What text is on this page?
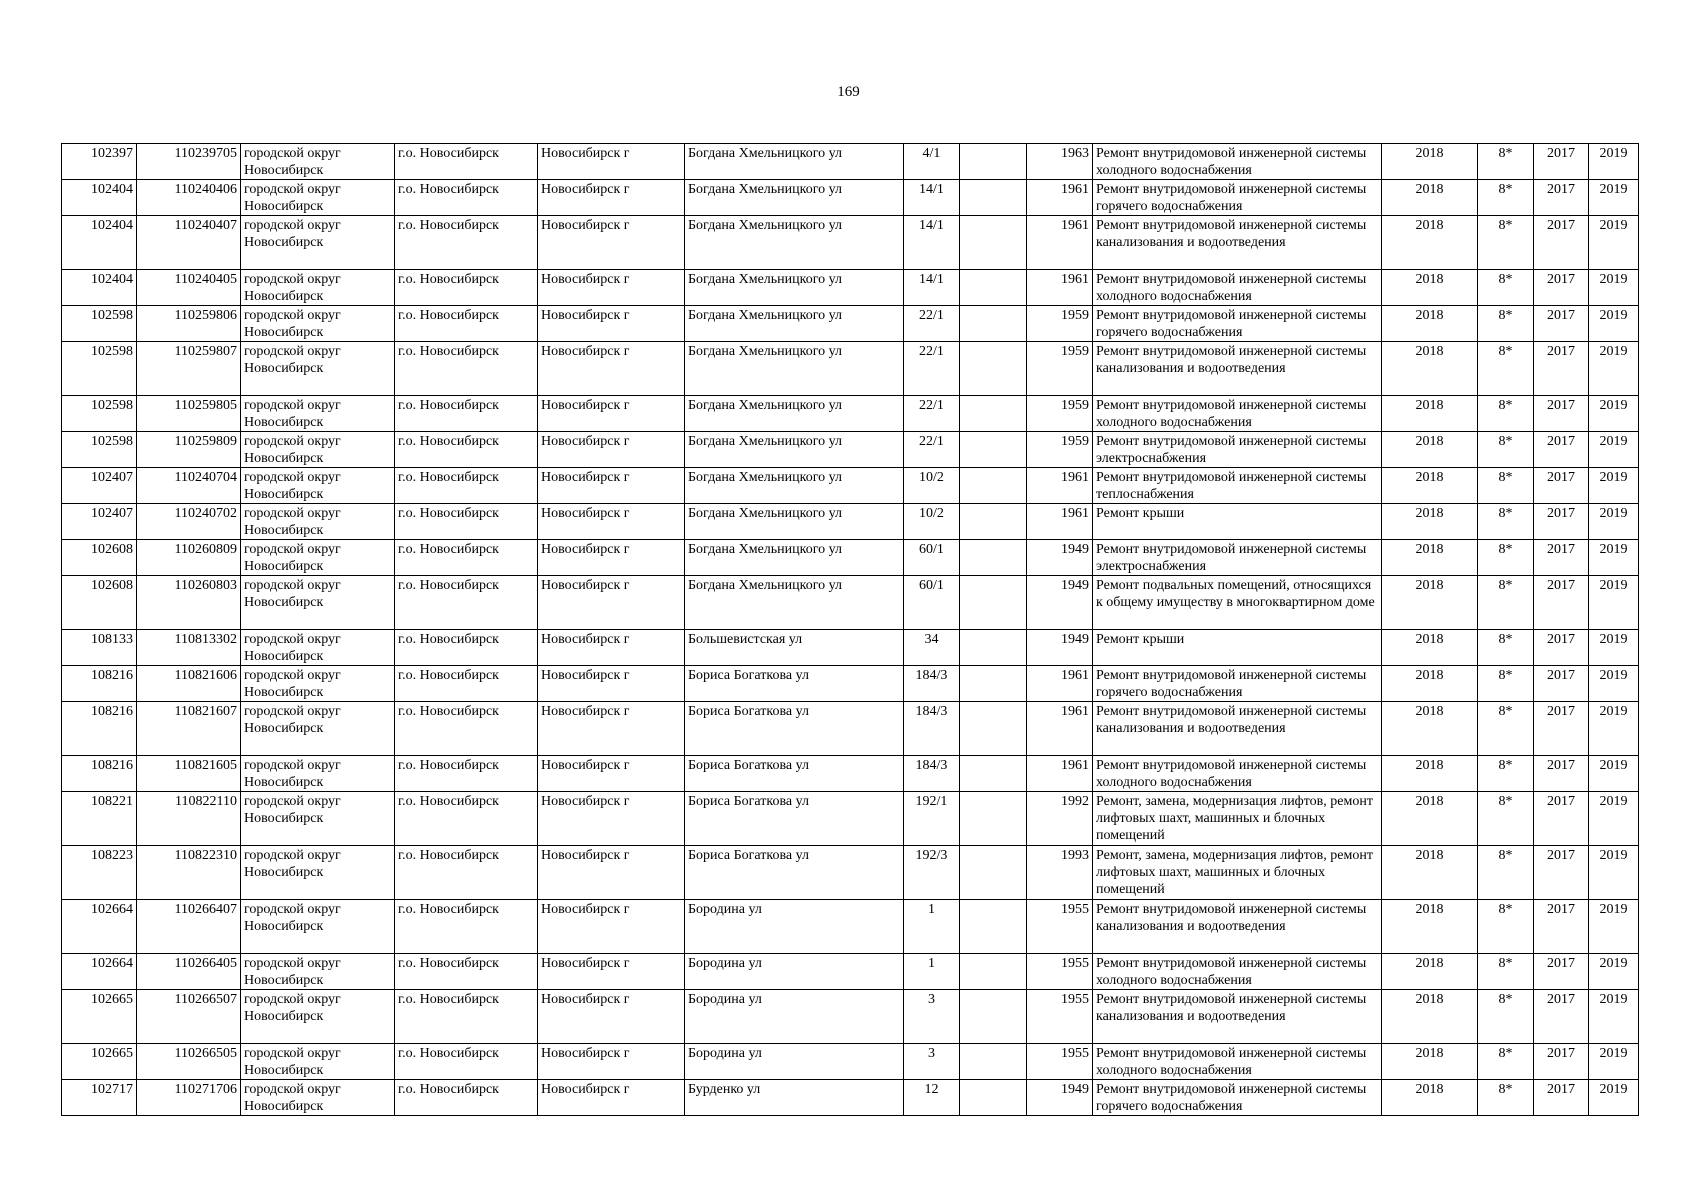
169
102397	110239705	городской округ Новосибирск	г.о. Новосибирск	Новосибирск г	Богдана Хмельницкого ул	4/1		1963	Ремонт внутридомовой инженерной системы холодного водоснабжения	2018	8*	2017	2019
102404	110240406	городской округ Новосибирск	г.о. Новосибирск	Новосибирск г	Богдана Хмельницкого ул	14/1		1961	Ремонт внутридомовой инженерной системы горячего водоснабжения	2018	8*	2017	2019
102404	110240407	городской округ Новосибирск	г.о. Новосибирск	Новосибирск г	Богдана Хмельницкого ул	14/1		1961	Ремонт внутридомовой инженерной системы канализования и водоотведения	2018	8*	2017	2019
102404	110240405	городской округ Новосибирск	г.о. Новосибирск	Новосибирск г	Богдана Хмельницкого ул	14/1		1961	Ремонт внутридомовой инженерной системы холодного водоснабжения	2018	8*	2017	2019
102598	110259806	городской округ Новосибирск	г.о. Новосибирск	Новосибирск г	Богдана Хмельницкого ул	22/1		1959	Ремонт внутридомовой инженерной системы горячего водоснабжения	2018	8*	2017	2019
102598	110259807	городской округ Новосибирск	г.о. Новосибирск	Новосибирск г	Богдана Хмельницкого ул	22/1		1959	Ремонт внутридомовой инженерной системы канализования и водоотведения	2018	8*	2017	2019
102598	110259805	городской округ Новосибирск	г.о. Новосибирск	Новосибирск г	Богдана Хмельницкого ул	22/1		1959	Ремонт внутридомовой инженерной системы холодного водоснабжения	2018	8*	2017	2019
102598	110259809	городской округ Новосибирск	г.о. Новосибирск	Новосибирск г	Богдана Хмельницкого ул	22/1		1959	Ремонт внутридомовой инженерной системы электроснабжения	2018	8*	2017	2019
102407	110240704	городской округ Новосибирск	г.о. Новосибирск	Новосибирск г	Богдана Хмельницкого ул	10/2		1961	Ремонт внутридомовой инженерной системы теплоснабжения	2018	8*	2017	2019
102407	110240702	городской округ Новосибирск	г.о. Новосибирск	Новосибирск г	Богдана Хмельницкого ул	10/2		1961	Ремонт крыши	2018	8*	2017	2019
102608	110260809	городской округ Новосибирск	г.о. Новосибирск	Новосибирск г	Богдана Хмельницкого ул	60/1		1949	Ремонт внутридомовой инженерной системы электроснабжения	2018	8*	2017	2019
102608	110260803	городской округ Новосибирск	г.о. Новосибирск	Новосибирск г	Богдана Хмельницкого ул	60/1		1949	Ремонт подвальных помещений, относящихся к общему имуществу в многоквартирном доме	2018	8*	2017	2019
108133	110813302	городской округ Новосибирск	г.о. Новосибирск	Новосибирск г	Большевистская ул	34		1949	Ремонт крыши	2018	8*	2017	2019
108216	110821606	городской округ Новосибирск	г.о. Новосибирск	Новосибирск г	Бориса Богаткова ул	184/3		1961	Ремонт внутридомовой инженерной системы горячего водоснабжения	2018	8*	2017	2019
108216	110821607	городской округ Новосибирск	г.о. Новосибирск	Новосибирск г	Бориса Богаткова ул	184/3		1961	Ремонт внутридомовой инженерной системы канализования и водоотведения	2018	8*	2017	2019
108216	110821605	городской округ Новосибирск	г.о. Новосибирск	Новосибирск г	Бориса Богаткова ул	184/3		1961	Ремонт внутридомовой инженерной системы холодного водоснабжения	2018	8*	2017	2019
108221	110822110	городской округ Новосибирск	г.о. Новосибирск	Новосибирск г	Бориса Богаткова ул	192/1		1992	Ремонт, замена, модернизация лифтов, ремонт лифтовых шахт, машинных и блочных помещений	2018	8*	2017	2019
108223	110822310	городской округ Новосибирск	г.о. Новосибирск	Новосибирск г	Бориса Богаткова ул	192/3		1993	Ремонт, замена, модернизация лифтов, ремонт лифтовых шахт, машинных и блочных помещений	2018	8*	2017	2019
102664	110266407	городской округ Новосибирск	г.о. Новосибирск	Новосибирск г	Бородина ул	1		1955	Ремонт внутридомовой инженерной системы канализования и водоотведения	2018	8*	2017	2019
102664	110266405	городской округ Новосибирск	г.о. Новосибирск	Новосибирск г	Бородина ул	1		1955	Ремонт внутридомовой инженерной системы холодного водоснабжения	2018	8*	2017	2019
102665	110266507	городской округ Новосибирск	г.о. Новосибирск	Новосибирск г	Бородина ул	3		1955	Ремонт внутридомовой инженерной системы канализования и водоотведения	2018	8*	2017	2019
102665	110266505	городской округ Новосибирск	г.о. Новосибирск	Новосибирск г	Бородина ул	3		1955	Ремонт внутридомовой инженерной системы холодного водоснабжения	2018	8*	2017	2019
102717	110271706	городской округ Новосибирск	г.о. Новосибирск	Новосибирск г	Бурденко ул	12		1949	Ремонт внутридомовой инженерной системы горячего водоснабжения	2018	8*	2017	2019
